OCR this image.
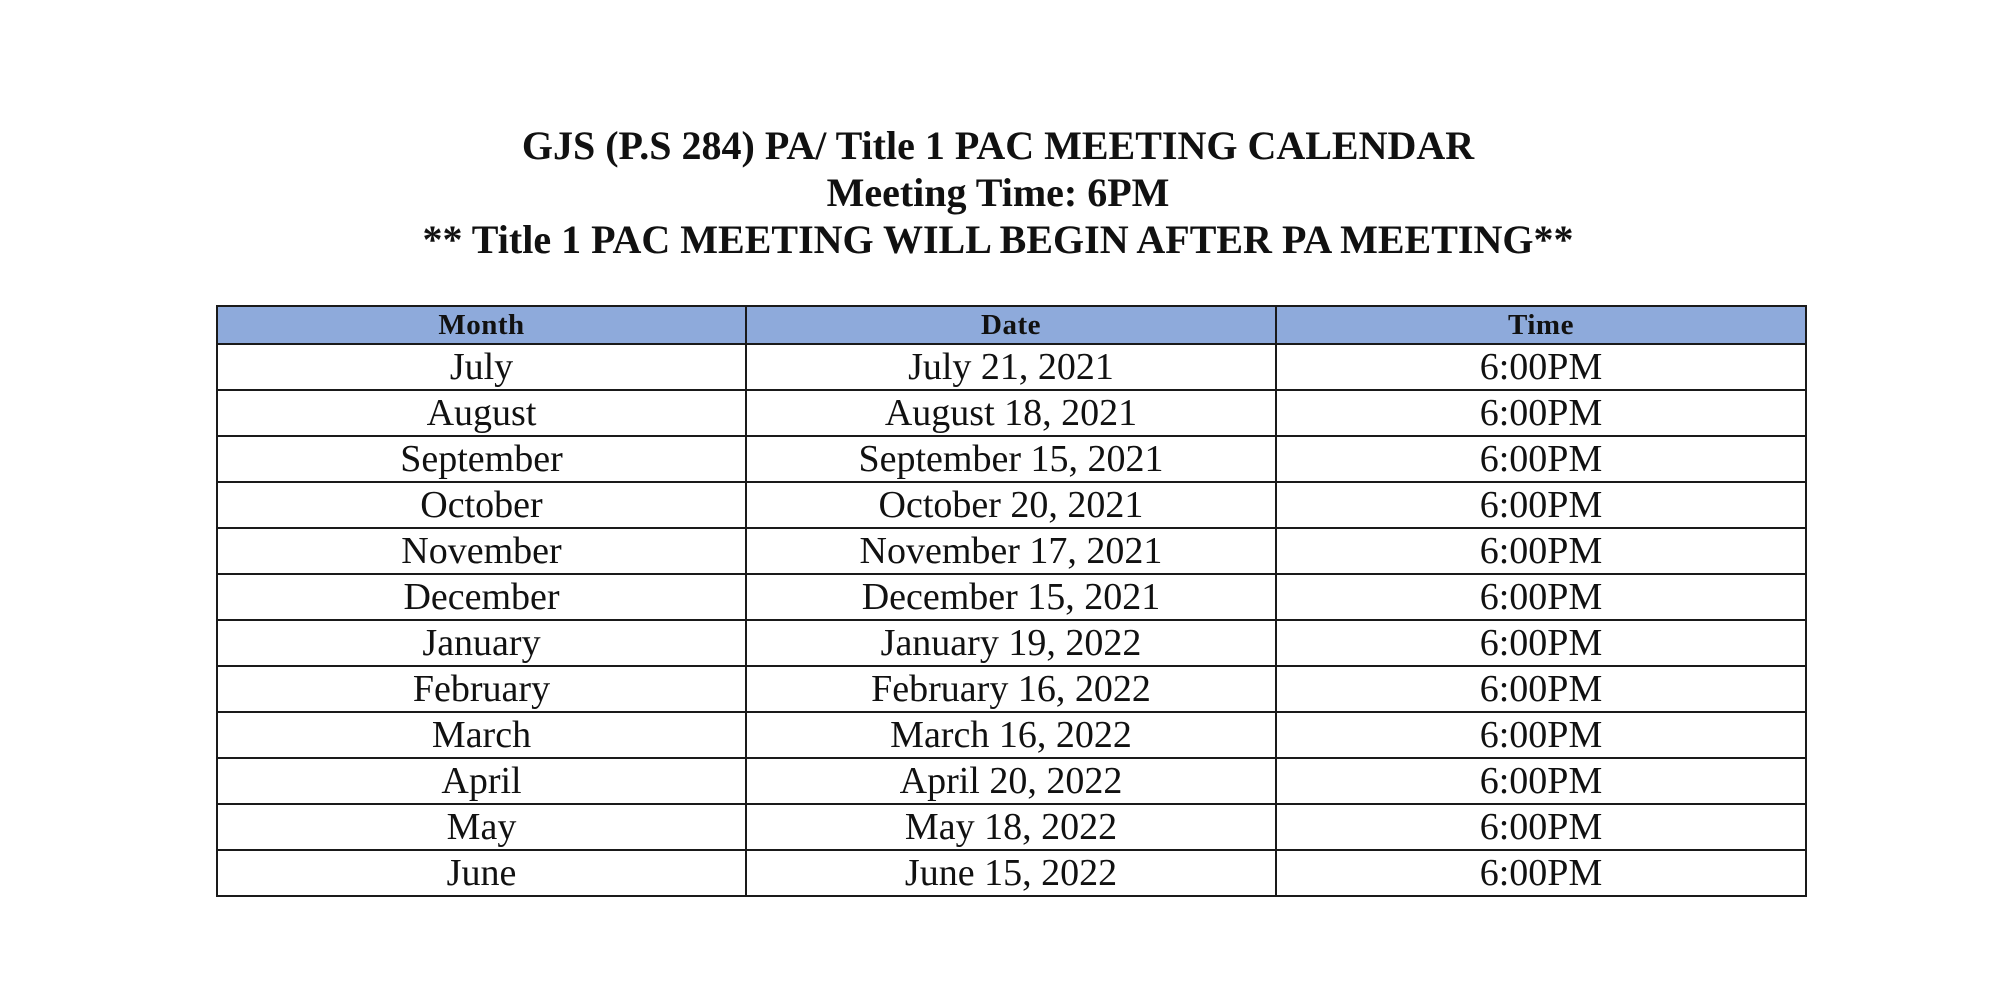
GJS (P.S 284) PA/ Title 1 PAC MEETING CALENDAR
Meeting Time: 6PM
** Title 1 PAC MEETING WILL BEGIN AFTER PA MEETING**
Month	Date	Time
July	July 21, 2021	6:00PM
August	August 18, 2021	6:00PM
September	September 15, 2021	6:00PM
October	October 20, 2021	6:00PM
November	November 17, 2021	6:00PM
December	December 15, 2021	6:00PM
January	January 19, 2022	6:00PM
February	February 16, 2022	6:00PM
March	March 16, 2022	6:00PM
April	April 20, 2022	6:00PM
May	May 18, 2022	6:00PM
June	June 15, 2022	6:00PM
